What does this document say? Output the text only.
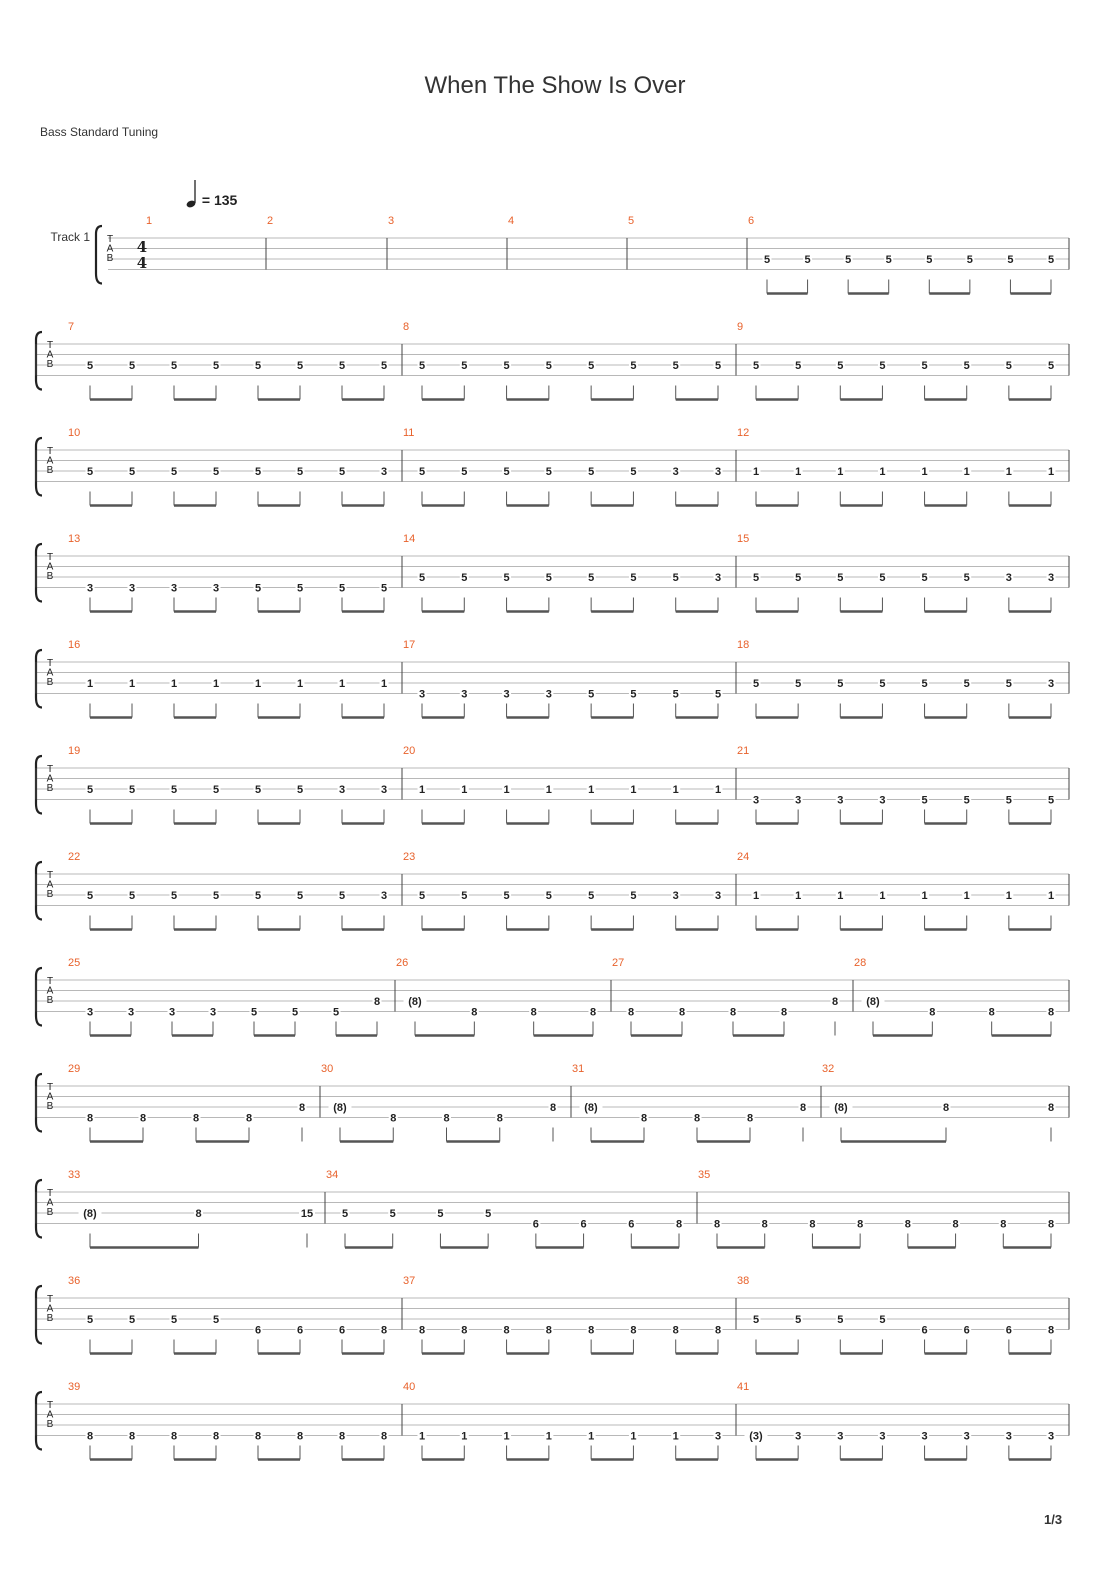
When The Show Is Over
Bass Standard Tuning
= 135
T
A
B
Track 1
4
4
1	2	3	4	5	6
5	5	5	5	5	5	5	5
T
A
B
7
5	5	5	5	5	5	5	5
8
5	5	5	5	5	5	5	5
9
5	5	5	5	5	5	5	5
T
A
B
10
5	5	5	5	5	5	5	3
11
5	5	5	5	5	5	3	3
12
1	1	1	1	1	1	1	1
T
A
B
13
3	3	3	3	5	5	5	5
14
5	5	5	5	5	5	5	3
15
5	5	5	5	5	5	3	3
T
A
B
16
1	1	1	1	1	1	1	1
17
3	3	3	3	5	5	5	5
18
5	5	5	5	5	5	5	3
T
A
B
19
5	5	5	5	5	5	3	3
20
1	1	1	1	1	1	1	1
21
3	3	3	3	5	5	5	5
T
A
B
22
5	5	5	5	5	5	5	3
23
5	5	5	5	5	5	3	3
24
1	1	1	1	1	1	1	1
T
A
B
25
3	3	3	3	5	5	5
8
26
(8)
8	8	8
27
8	8	8	8
8
28
(8)
8	8	8
T
A
B
29
8	8	8	8
8
30
(8)
8	8	8
8
31
(8)
8	8	8
8
32
(8)	8	8
T
A
B
33
(8)	8	15
34
5	5	5	5
6	6	6	8
35
8	8	8	8	8	8	8	8
T
A
B
36
5	5	5	5
6	6	6	8
37
8	8	8	8	8	8	8	8
38
5	5	5	5
6	6	6	8
T
A
B
39
8	8	8	8	8	8	8	8
40
1	1	1	1	1	1	1	3
41
(3)	3	3	3	3	3	3	3
1/3
